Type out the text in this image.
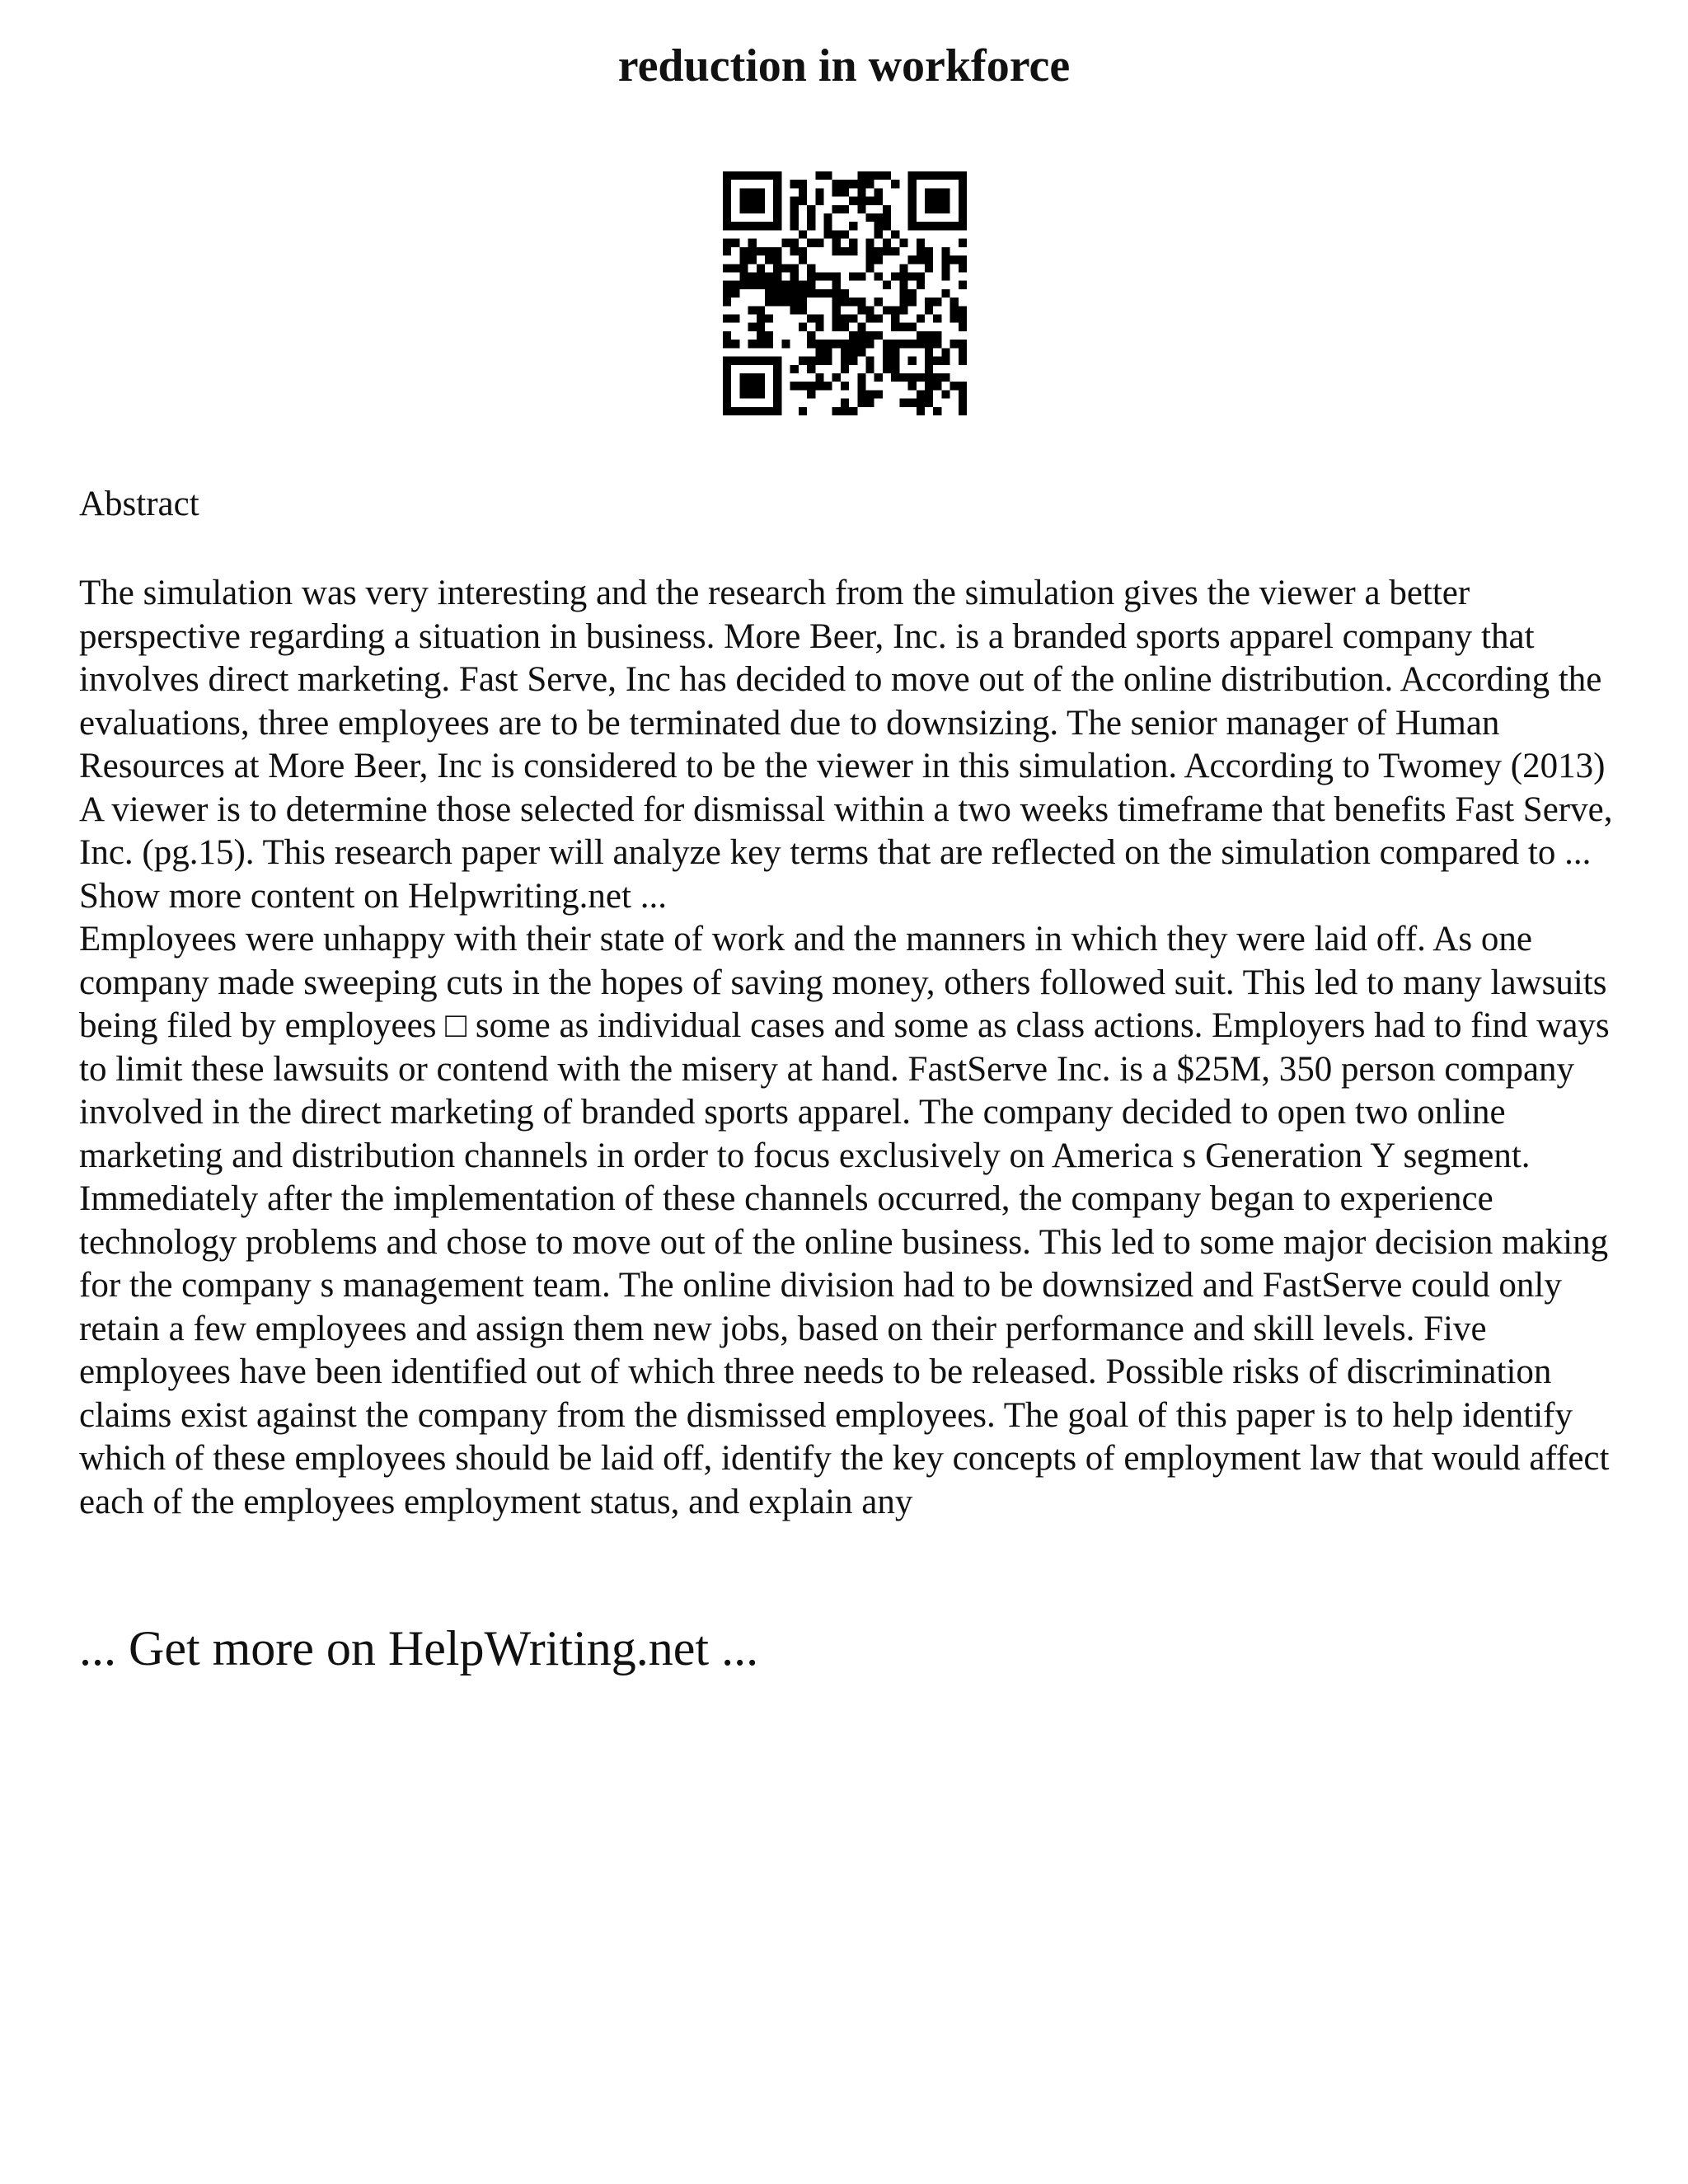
reduction in workforce
Abstract

The simulation was very interesting and the research from the simulation gives the viewer a better perspective regarding a situation in business. More Beer, Inc. is a branded sports apparel company that involves direct marketing. Fast Serve, Inc has decided to move out of the online distribution. According the evaluations, three employees are to be terminated due to downsizing. The senior manager of Human Resources at More Beer, Inc is considered to be the viewer in this simulation. According to Twomey (2013) A viewer is to determine those selected for dismissal within a two weeks timeframe that benefits Fast Serve, Inc. (pg.15). This research paper will analyze key terms that are reflected on the simulation compared to ... Show more content on Helpwriting.net ...

Employees were unhappy with their state of work and the manners in which they were laid off. As one company made sweeping cuts in the hopes of saving money, others followed suit. This led to many lawsuits being filed by employees □ some as individual cases and some as class actions. Employers had to find ways to limit these lawsuits or contend with the misery at hand. FastServe Inc. is a $25M, 350 person company involved in the direct marketing of branded sports apparel. The company decided to open two online marketing and distribution channels in order to focus exclusively on America s Generation Y segment. Immediately after the implementation of these channels occurred, the company began to experience technology problems and chose to move out of the online business. This led to some major decision making for the company s management team. The online division had to be downsized and FastServe could only retain a few employees and assign them new jobs, based on their performance and skill levels. Five employees have been identified out of which three needs to be released. Possible risks of discrimination claims exist against the company from the dismissed employees. The goal of this paper is to help identify which of these employees should be laid off, identify the key concepts of employment law that would affect each of the employees employment status, and explain any

... Get more on HelpWriting.net ...
